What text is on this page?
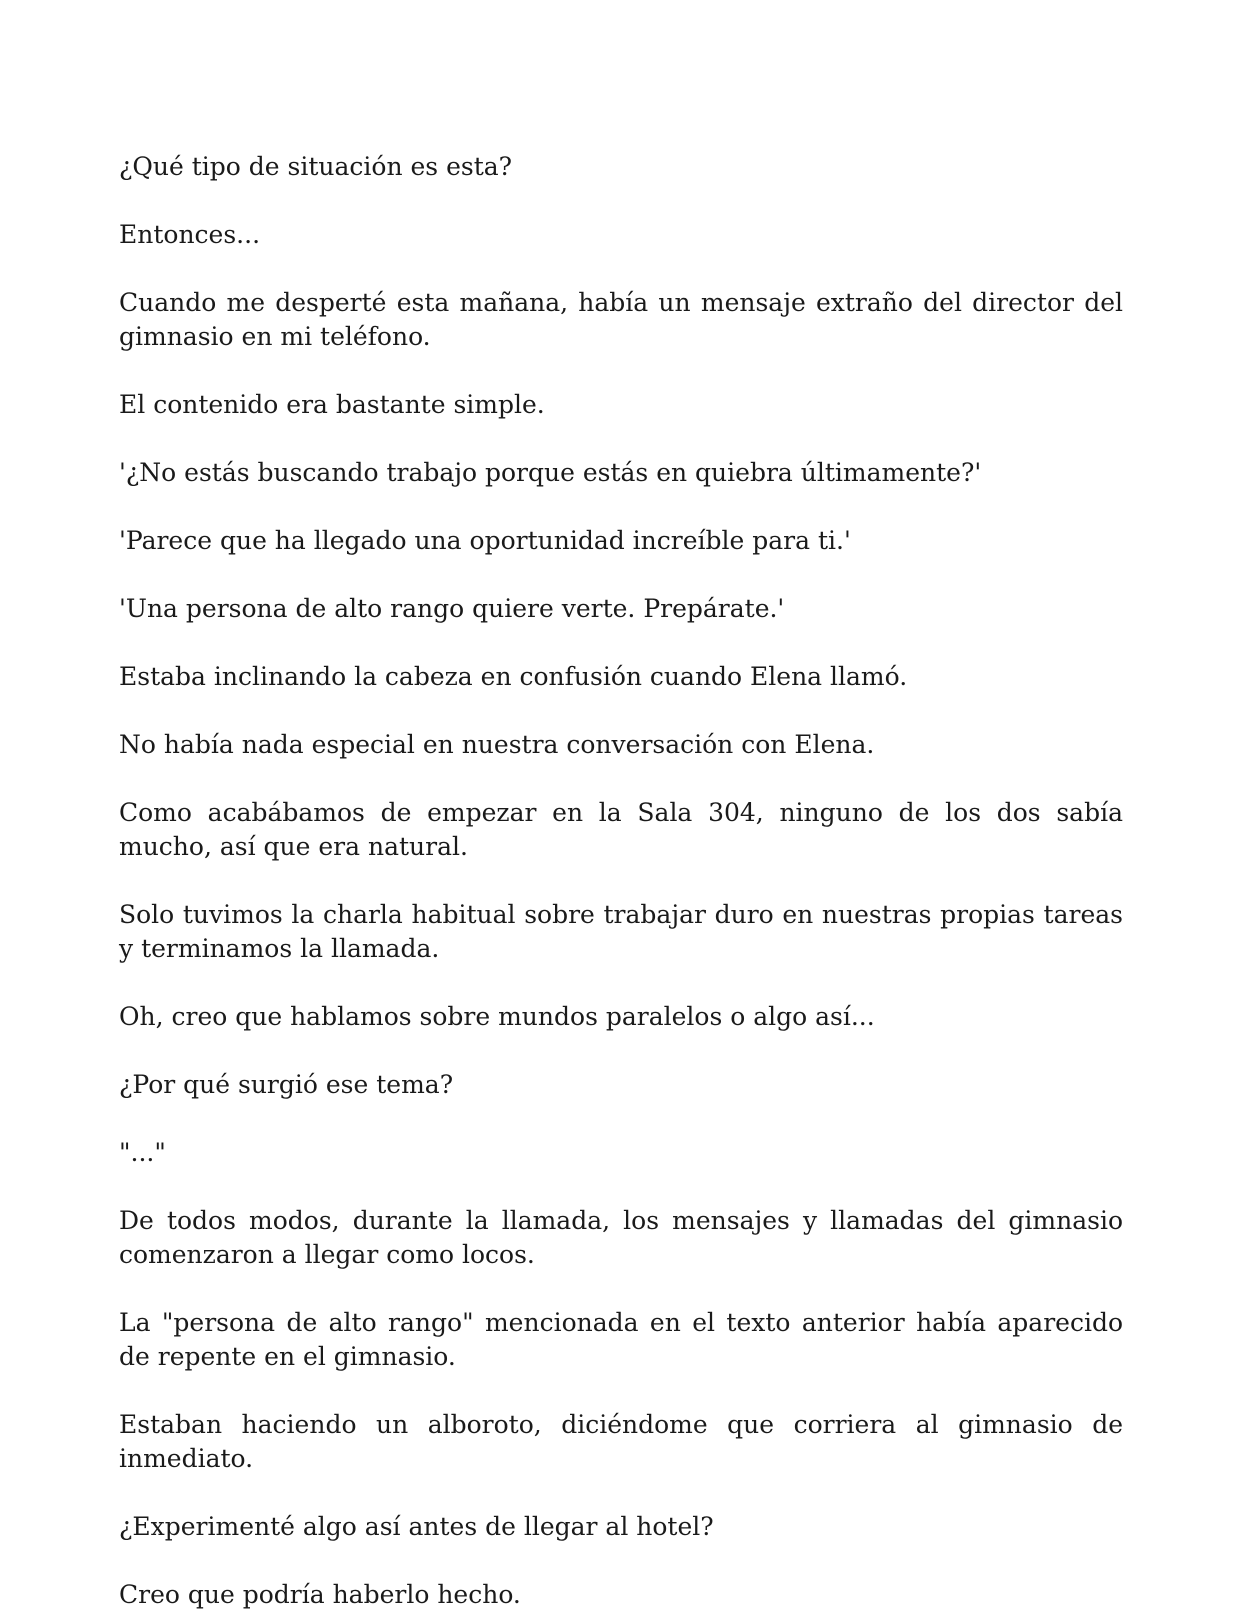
¿Qué tipo de situación es esta?

Entonces...

Cuando me desperté esta mañana, había un mensaje extraño del director del gimnasio en mi teléfono.

El contenido era bastante simple.

'¿No estás buscando trabajo porque estás en quiebra últimamente?'

'Parece que ha llegado una oportunidad increíble para ti.'

'Una persona de alto rango quiere verte. Prepárate.'

Estaba inclinando la cabeza en confusión cuando Elena llamó.

No había nada especial en nuestra conversación con Elena.

Como acabábamos de empezar en la Sala 304, ninguno de los dos sabía mucho, así que era natural.

Solo tuvimos la charla habitual sobre trabajar duro en nuestras propias tareas y terminamos la llamada.

Oh, creo que hablamos sobre mundos paralelos o algo así...

¿Por qué surgió ese tema?

"..."

De todos modos, durante la llamada, los mensajes y llamadas del gimnasio comenzaron a llegar como locos.

La "persona de alto rango" mencionada en el texto anterior había aparecido de repente en el gimnasio.

Estaban haciendo un alboroto, diciéndome que corriera al gimnasio de inmediato.

¿Experimenté algo así antes de llegar al hotel?

Creo que podría haberlo hecho.
